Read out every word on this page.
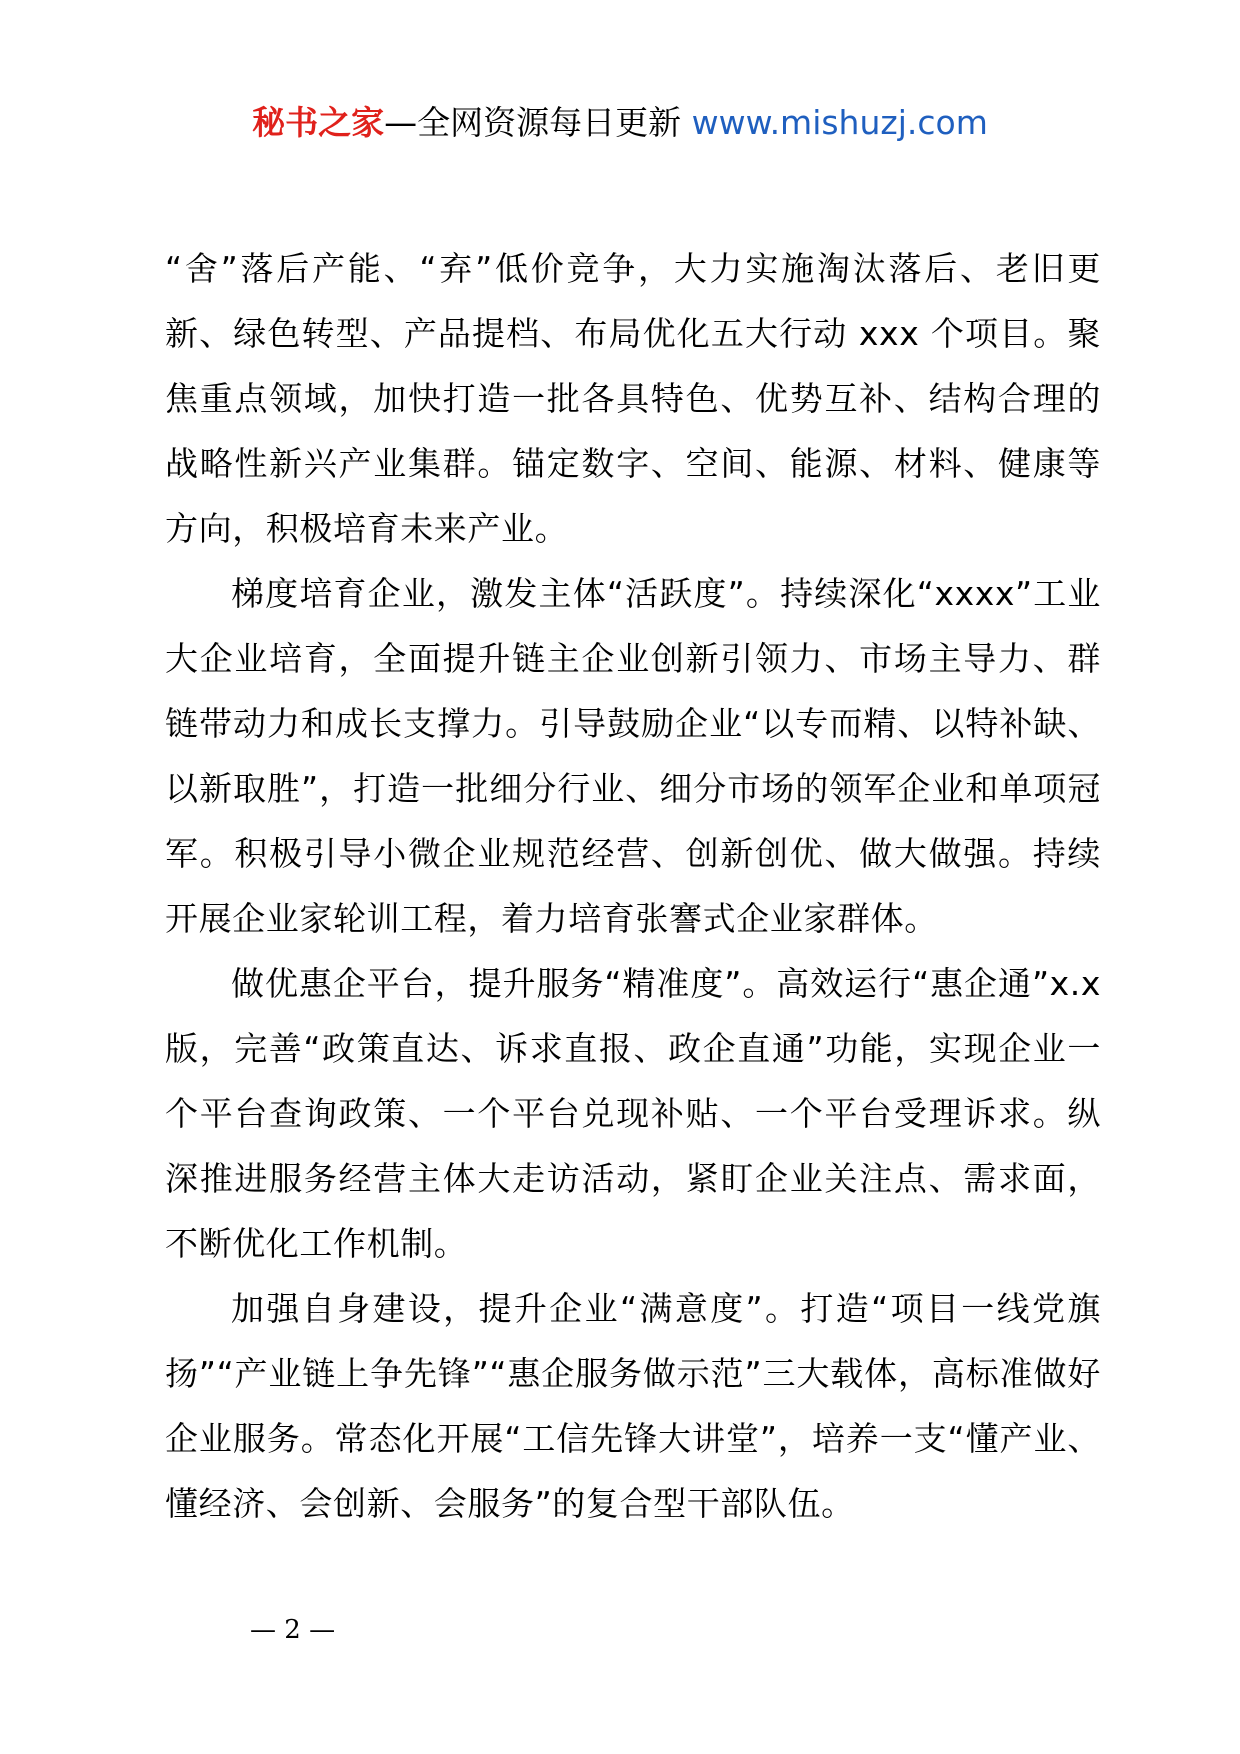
秘书之家—全网资源每日更新 www.mishuzj.com

“舍”落后产能、“弃”低价竞争，大力实施淘汰落后、老旧更新、绿色转型、产品提档、布局优化五大行动 xxx 个项目。聚焦重点领域，加快打造一批各具特色、优势互补、结构合理的战略性新兴产业集群。锚定数字、空间、能源、材料、健康等方向，积极培育未来产业。

梯度培育企业，激发主体“活跃度”。持续深化“xxxx”工业大企业培育，全面提升链主企业创新引领力、市场主导力、群链带动力和成长支撑力。引导鼓励企业“以专而精、以特补缺、以新取胜”，打造一批细分行业、细分市场的领军企业和单项冠军。积极引导小微企业规范经营、创新创优、做大做强。持续开展企业家轮训工程，着力培育张謇式企业家群体。

做优惠企平台，提升服务“精准度”。高效运行“惠企通”x.x 版，完善“政策直达、诉求直报、政企直通”功能，实现企业一个平台查询政策、一个平台兑现补贴、一个平台受理诉求。纵深推进服务经营主体大走访活动，紧盯企业关注点、需求面，不断优化工作机制。

加强自身建设，提升企业“满意度”。打造“项目一线党旗扬”“产业链上争先锋”“惠企服务做示范”三大载体，高标准做好企业服务。常态化开展“工信先锋大讲堂”，培养一支“懂产业、懂经济、会创新、会服务”的复合型干部队伍。

— 2 —
